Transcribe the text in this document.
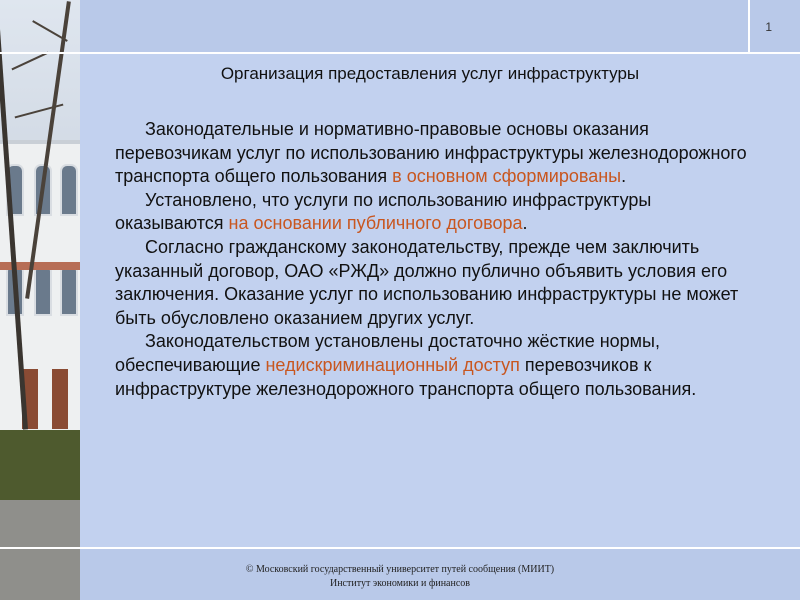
1
Организация предоставления услуг инфраструктуры

Законодательные и нормативно-правовые основы оказания перевозчикам услуг по использованию инфраструктуры железнодорожного транспорта общего пользования в основном сформированы.

Установлено, что услуги по использованию инфраструктуры оказываются на основании публичного договора.

Согласно гражданскому законодательству, прежде чем заключить указанный договор, ОАО «РЖД» должно публично объявить условия его заключения. Оказание услуг по использованию инфраструктуры не может быть обусловлено оказанием других услуг.

Законодательством установлены достаточно жёсткие нормы, обеспечивающие недискриминационный доступ перевозчиков к инфраструктуре железнодорожного транспорта общего пользования.

© Московский государственный университет путей сообщения (МИИТ)
Институт экономики и финансов
